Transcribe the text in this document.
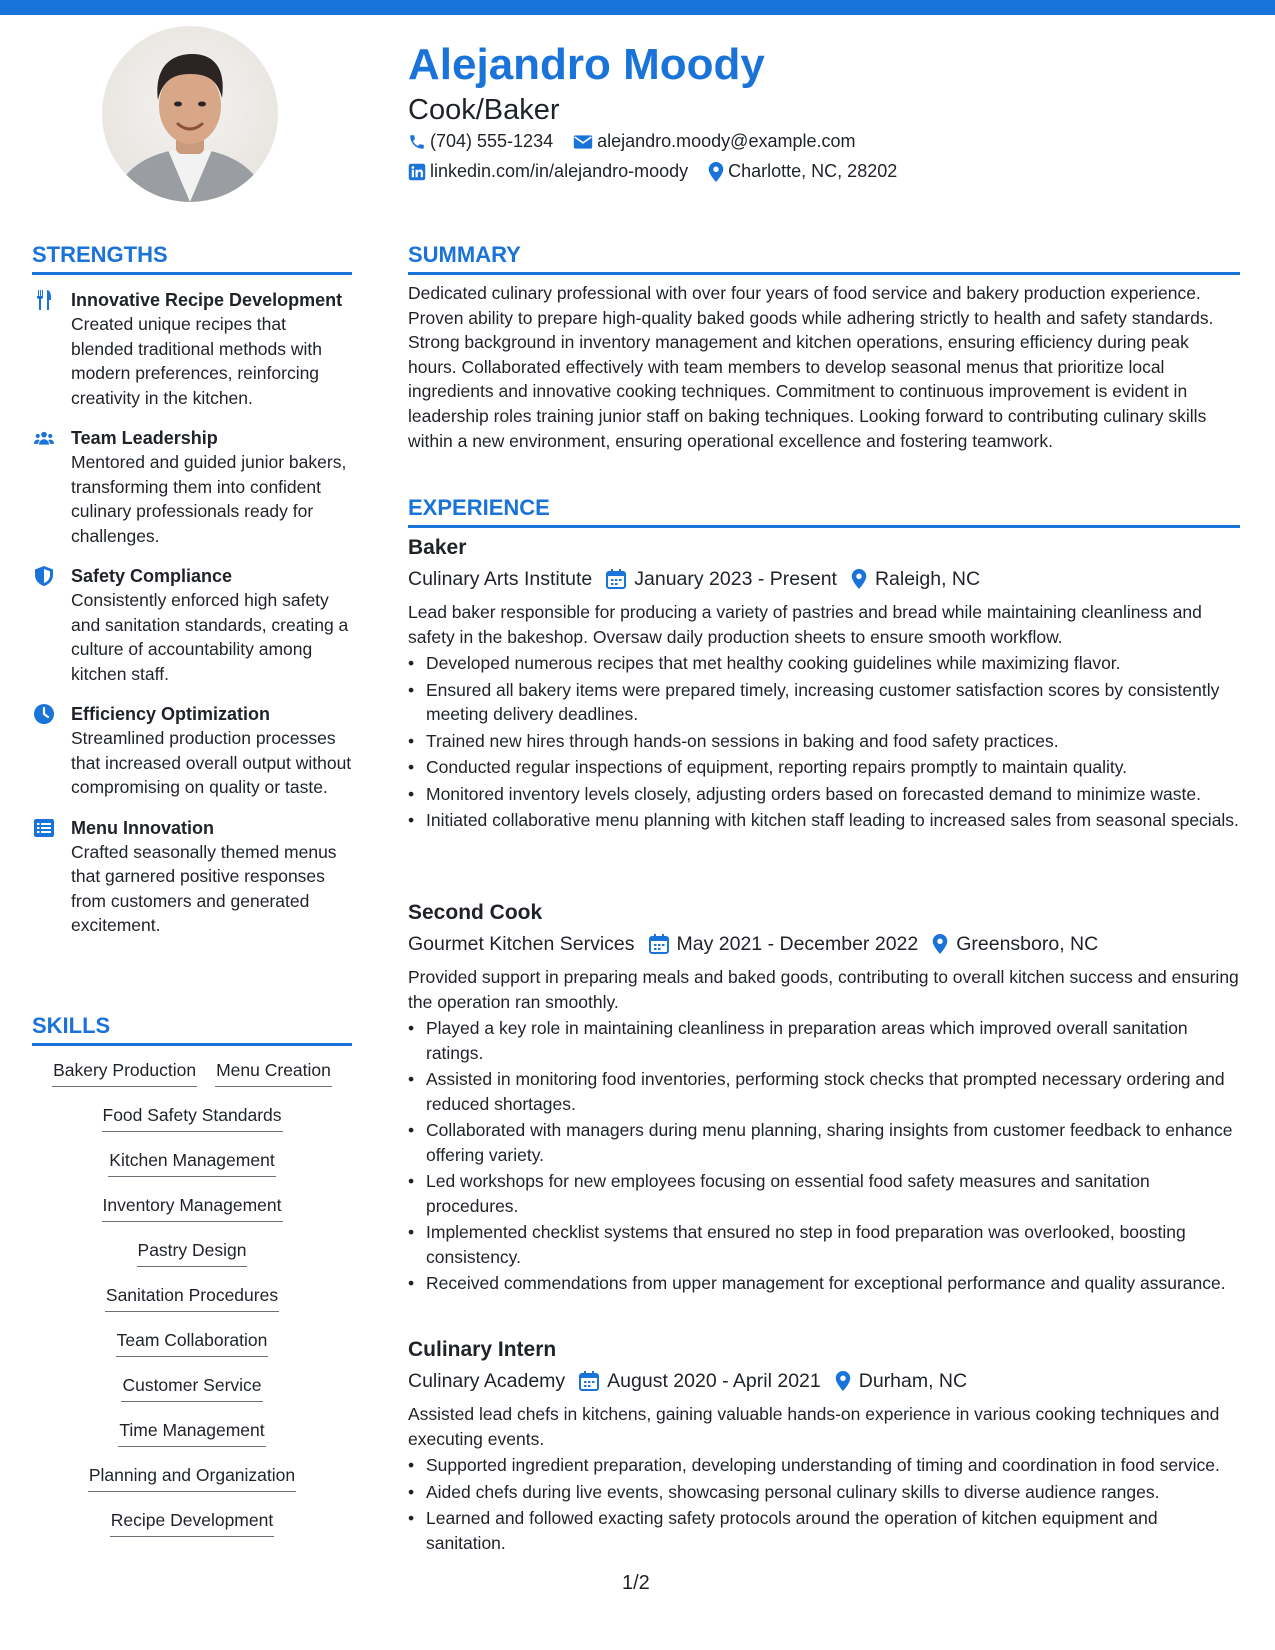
Alejandro Moody
Cook/Baker
(704) 555-1234 alejandro.moody@example.com
linkedin.com/in/alejandro-moody Charlotte, NC, 28202
STRENGTHS
Innovative Recipe Development
Created unique recipes that blended traditional methods with modern preferences, reinforcing creativity in the kitchen.
Team Leadership
Mentored and guided junior bakers, transforming them into confident culinary professionals ready for challenges.
Safety Compliance
Consistently enforced high safety and sanitation standards, creating a culture of accountability among kitchen staff.
Efficiency Optimization
Streamlined production processes that increased overall output without compromising on quality or taste.
Menu Innovation
Crafted seasonally themed menus that garnered positive responses from customers and generated excitement.
SKILLS
Bakery Production Menu Creation
Food Safety Standards
Kitchen Management
Inventory Management
Pastry Design
Sanitation Procedures
Team Collaboration
Customer Service
Time Management
Planning and Organization
Recipe Development
SUMMARY
Dedicated culinary professional with over four years of food service and bakery production experience. Proven ability to prepare high-quality baked goods while adhering strictly to health and safety standards. Strong background in inventory management and kitchen operations, ensuring efficiency during peak hours. Collaborated effectively with team members to develop seasonal menus that prioritize local ingredients and innovative cooking techniques. Commitment to continuous improvement is evident in leadership roles training junior staff on baking techniques. Looking forward to contributing culinary skills within a new environment, ensuring operational excellence and fostering teamwork.
EXPERIENCE
Baker
Culinary Arts Institute January 2023 - Present Raleigh, NC
Lead baker responsible for producing a variety of pastries and bread while maintaining cleanliness and safety in the bakeshop. Oversaw daily production sheets to ensure smooth workflow.
• Developed numerous recipes that met healthy cooking guidelines while maximizing flavor.
• Ensured all bakery items were prepared timely, increasing customer satisfaction scores by consistently meeting delivery deadlines.
• Trained new hires through hands-on sessions in baking and food safety practices.
• Conducted regular inspections of equipment, reporting repairs promptly to maintain quality.
• Monitored inventory levels closely, adjusting orders based on forecasted demand to minimize waste.
• Initiated collaborative menu planning with kitchen staff leading to increased sales from seasonal specials.
Second Cook
Gourmet Kitchen Services May 2021 - December 2022 Greensboro, NC
Provided support in preparing meals and baked goods, contributing to overall kitchen success and ensuring the operation ran smoothly.
• Played a key role in maintaining cleanliness in preparation areas which improved overall sanitation ratings.
• Assisted in monitoring food inventories, performing stock checks that prompted necessary ordering and reduced shortages.
• Collaborated with managers during menu planning, sharing insights from customer feedback to enhance offering variety.
• Led workshops for new employees focusing on essential food safety measures and sanitation procedures.
• Implemented checklist systems that ensured no step in food preparation was overlooked, boosting consistency.
• Received commendations from upper management for exceptional performance and quality assurance.
Culinary Intern
Culinary Academy August 2020 - April 2021 Durham, NC
Assisted lead chefs in kitchens, gaining valuable hands-on experience in various cooking techniques and executing events.
• Supported ingredient preparation, developing understanding of timing and coordination in food service.
• Aided chefs during live events, showcasing personal culinary skills to diverse audience ranges.
• Learned and followed exacting safety protocols around the operation of kitchen equipment and sanitation.
1/2
